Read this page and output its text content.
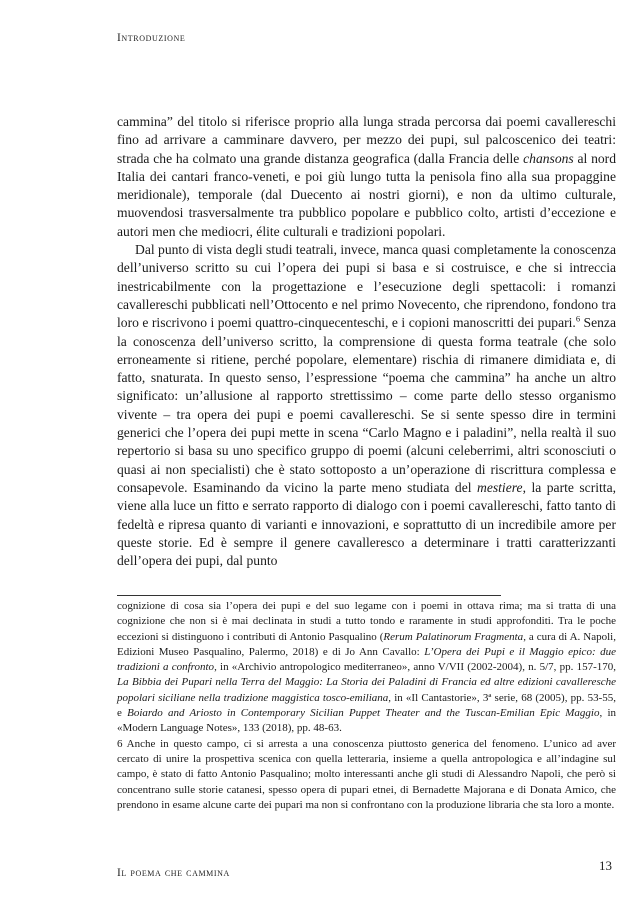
Introduzione

cammina” del titolo si riferisce proprio alla lunga strada percorsa dai poemi cavallereschi fino ad arrivare a camminare davvero, per mezzo dei pupi, sul palcoscenico dei teatri: strada che ha colmato una grande distanza geografica (dalla Francia delle chansons al nord Italia dei cantari franco-veneti, e poi giù lungo tutta la penisola fino alla sua propaggine meridionale), temporale (dal Duecento ai nostri giorni), e non da ultimo culturale, muovendosi trasversalmente tra pubblico popolare e pubblico colto, artisti d’eccezione e autori men che mediocri, élite culturali e tradizioni popolari.

Dal punto di vista degli studi teatrali, invece, manca quasi completamente la conoscenza dell’universo scritto su cui l’opera dei pupi si basa e si costruisce, e che si intreccia inestricabilmente con la progettazione e l’esecuzione degli spettacoli: i romanzi cavallereschi pubblicati nell’Ottocento e nel primo Novecento, che riprendono, fondono tra loro e riscrivono i poemi quattro-cinquecenteschi, e i copioni manoscritti dei pupari.$^6$ Senza la conoscenza dell’universo scritto, la comprensione di questa forma teatrale (che solo erroneamente si ritiene, perché popolare, elementare) rischia di rimanere dimidiata e, di fatto, snaturata. In questo senso, l’espressione “poema che cammina” ha anche un altro significato: un’allusione al rapporto strettissimo – come parte dello stesso organismo vivente – tra opera dei pupi e poemi cavallereschi. Se si sente spesso dire in termini generici che l’opera dei pupi mette in scena “Carlo Magno e i paladini”, nella realtà il suo repertorio si basa su uno specifico gruppo di poemi (alcuni celeberrimi, altri sconosciuti o quasi ai non specialisti) che è stato sottoposto a un’operazione di riscrittura complessa e consapevole. Esaminando da vicino la parte meno studiata del mestiere, la parte scritta, viene alla luce un fitto e serrato rapporto di dialogo con i poemi cavallereschi, fatto tanto di fedeltà e ripresa quanto di varianti e innovazioni, e soprattutto di un incredibile amore per queste storie. Ed è sempre il genere cavalleresco a determinare i tratti caratterizzanti dell’opera dei pupi, dal punto

cognizione di cosa sia l’opera dei pupi e del suo legame con i poemi in ottava rima; ma si tratta di una cognizione che non si è mai declinata in studi a tutto tondo e raramente in studi approfonditi. Tra le poche eccezioni si distinguono i contributi di Antonio Pasqualino (Rerum Palatinorum Fragmenta, a cura di A. Napoli, Edizioni Museo Pasqualino, Palermo, 2018) e di Jo Ann Cavallo: L’Opera dei Pupi e il Maggio epico: due tradizioni a confronto, in «Archivio antropologico mediterraneo», anno V/VII (2002-2004), n. 5/7, pp. 157-170, La Bibbia dei Pupari nella Terra del Maggio: La Storia dei Paladini di Francia ed altre edizioni cavalleresche popolari siciliane nella tradizione maggistica tosco-emiliana, in «Il Cantastorie», 3ª serie, 68 (2005), pp. 53-55, e Boiardo and Ariosto in Contemporary Sicilian Puppet Theater and the Tuscan-Emilian Epic Maggio, in «Modern Language Notes», 133 (2018), pp. 48-63.

6 Anche in questo campo, ci si arresta a una conoscenza piuttosto generica del fenomeno. L’unico ad aver cercato di unire la prospettiva scenica con quella letteraria, insieme a quella antropologica e all’indagine sul campo, è stato di fatto Antonio Pasqualino; molto interessanti anche gli studi di Alessandro Napoli, che però si concentrano sulle storie catanesi, spesso opera di pupari etnei, di Bernadette Majorana e di Donata Amico, che prendono in esame alcune carte dei pupari ma non si confrontano con la produzione libraria che sta loro a monte.

Il poema che cammina	13
